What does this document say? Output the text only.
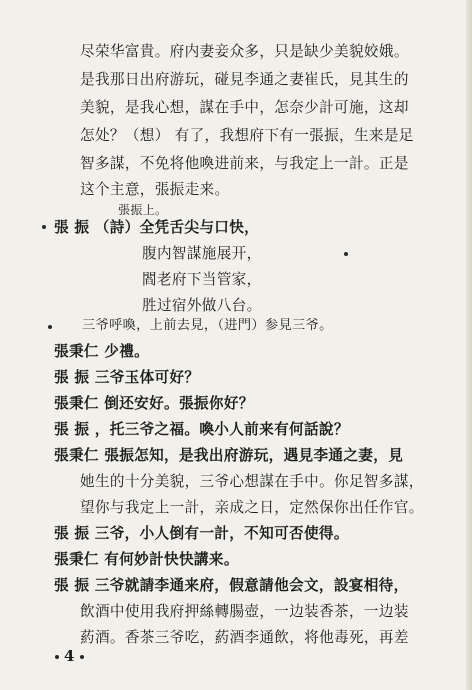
尽荣华富貴。府内妻妾众多，只是缺少美貌姣娥。
是我那日出府游玩，碰見李通之妻崔氏，見其生的
美貌，是我心想，謀在手中，怎奈少計可施，这却
怎处？（想） 有了，我想府下有一張振，生来是足
智多謀，不免将他喚进前来，与我定上一計。正是
这个主意，張振走来。
張振上。
張 振 （詩）全凭舌尖与口快，
腹内智謀施展开，
閻老府下当管家，
胜过宿外做八台。
三爷呼喚，上前去見，（进門）参見三爷。
張秉仁 少禮。
張 振 三爷玉体可好？
張秉仁 倒还安好。張振你好？
張 振 ，托三爷之福。喚小人前来有何話說？
張秉仁 張振怎知，是我出府游玩，遇見李通之妻，見
她生的十分美貌，三爷心想謀在手中。你足智多謀，
望你与我定上一計，亲成之日，定然保你出任作官。
張 振 三爷，小人倒有一計，不知可否使得。
張秉仁 有何妙計快快講来。
張 振 三爷就請李通来府，假意請他会文，設宴相待，
飲酒中使用我府押絲轉腸壺，一边装香茶，一边装
葯酒。香茶三爷吃，葯酒李通飲，将他毒死，再差
4
